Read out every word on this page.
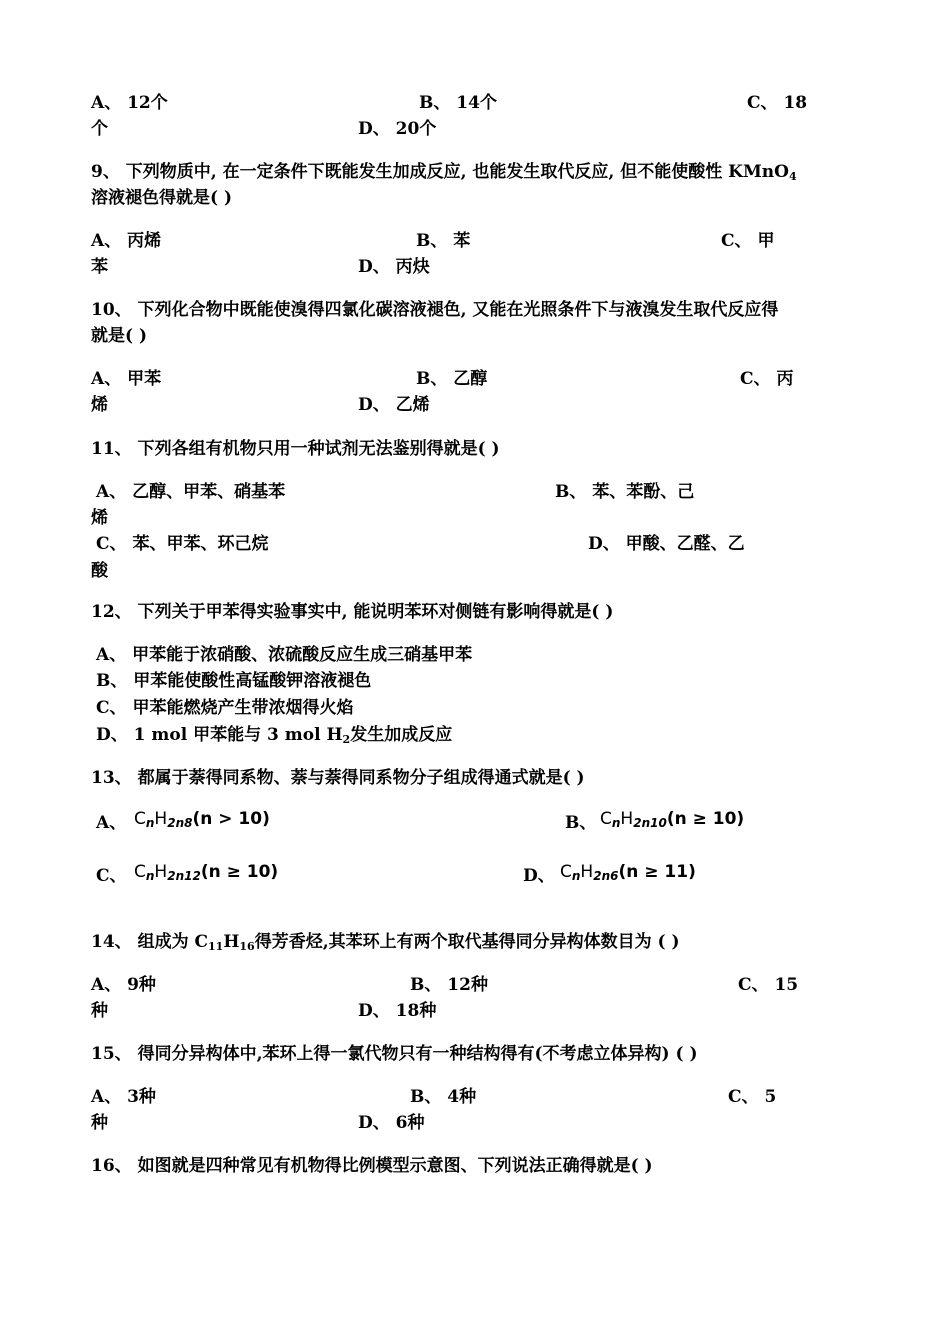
A、 12个	B、 14个	C、 18
个	D、 20个
9、 下列物质中, 在一定条件下既能发生加成反应, 也能发生取代反应, 但不能使酸性 KMnO$_4$
溶液褪色得就是( )
A、 丙烯	B、 苯	C、 甲
苯	D、 丙炔
10、 下列化合物中既能使溴得四氯化碳溶液褪色, 又能在光照条件下与液溴发生取代反应得
就是( )
A、 甲苯	B、 乙醇	C、 丙
烯	D、 乙烯
11、 下列各组有机物只用一种试剂无法鉴别得就是( )
A、 乙醇、甲苯、硝基苯	B、 苯、苯酚、己
烯
C、 苯、甲苯、环己烷	D、 甲酸、乙醛、乙
酸
12、 下列关于甲苯得实验事实中, 能说明苯环对侧链有影响得就是( )
A、 甲苯能于浓硝酸、浓硫酸反应生成三硝基甲苯
B、 甲苯能使酸性高锰酸钾溶液褪色
C、 甲苯能燃烧产生带浓烟得火焰
D、 1 mol 甲苯能与 3 mol $H_2$发生加成反应
13、 都属于萘得同系物、萘与萘得同系物分子组成得通式就是( )
A、 $C_nH_{2n8}(n > 10)$	B、 $C_nH_{2n10}(n \ge 10)$
C、 $C_nH_{2n12}(n \ge 10)$	D、 $C_nH_{2n6}(n \ge 11)$
14、 组成为 $C_{11}H_{16}$得芳香烃,其苯环上有两个取代基得同分异构体数目为 ( )
A、 9种	B、 12种	C、 15
种	D、 18种
15、 得同分异构体中,苯环上得一氯代物只有一种结构得有(不考虑立体异构) ( )
A、 3种	B、 4种	C、 5
种	D、 6种
16、 如图就是四种常见有机物得比例模型示意图、下列说法正确得就是( )
